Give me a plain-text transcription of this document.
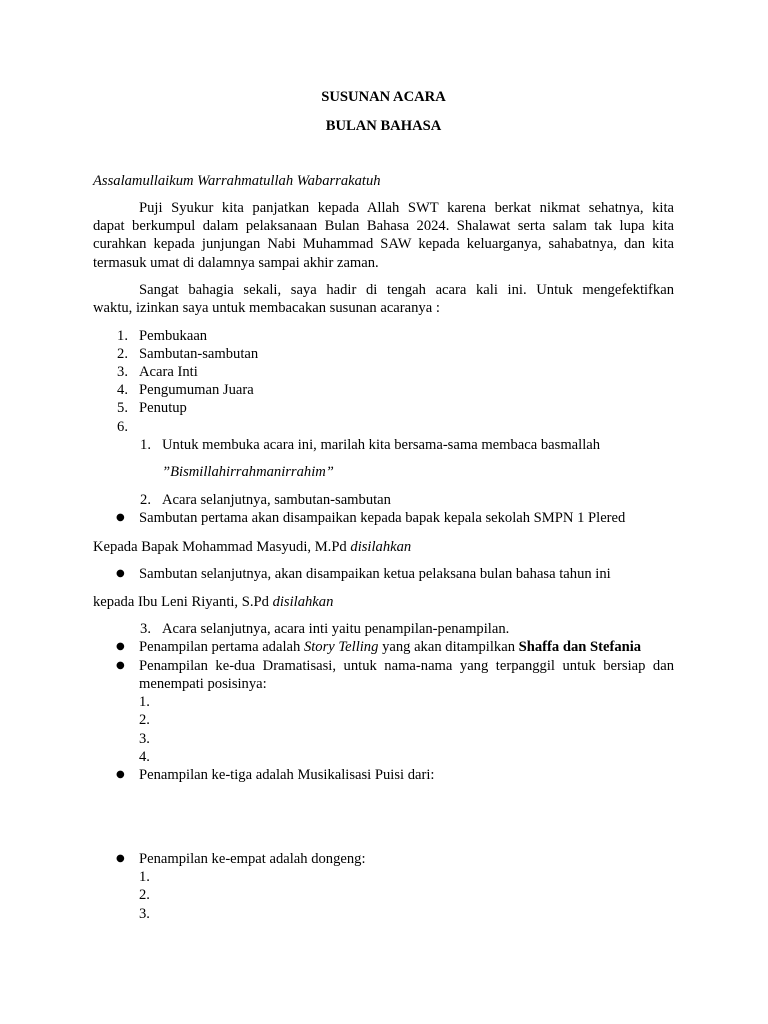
SUSUNAN ACARA
BULAN BAHASA
Assalamullaikum Warrahmatullah Wabarrakatuh
Puji Syukur kita panjatkan kepada Allah SWT karena berkat nikmat sehatnya, kita
dapat berkumpul dalam pelaksanaan Bulan Bahasa 2024. Shalawat serta salam tak lupa kita
curahkan kepada junjungan Nabi Muhammad SAW kepada keluarganya, sahabatnya, dan kita
termasuk umat di dalamnya sampai akhir zaman.
Sangat bahagia sekali, saya hadir di tengah acara kali ini. Untuk mengefektifkan
waktu, izinkan saya untuk membacakan susunan acaranya :
1. Pembukaan
2. Sambutan-sambutan
3. Acara Inti
4. Pengumuman Juara
5. Penutup
6.
1. Untuk membuka acara ini, marilah kita bersama-sama membaca basmallah
”Bismillahirrahmanirrahim”
2. Acara selanjutnya, sambutan-sambutan
● Sambutan pertama akan disampaikan kepada bapak kepala sekolah SMPN 1 Plered
Kepada Bapak Mohammad Masyudi, M.Pd disilahkan
● Sambutan selanjutnya, akan disampaikan ketua pelaksana bulan bahasa tahun ini
kepada Ibu Leni Riyanti, S.Pd disilahkan
3. Acara selanjutnya, acara inti yaitu penampilan-penampilan.
● Penampilan pertama adalah Story Telling yang akan ditampilkan Shaffa dan Stefania
● Penampilan ke-dua Dramatisasi, untuk nama-nama yang terpanggil untuk bersiap dan
menempati posisinya:
1.
2.
3.
4.
● Penampilan ke-tiga adalah Musikalisasi Puisi dari:
● Penampilan ke-empat adalah dongeng:
1.
2.
3.
